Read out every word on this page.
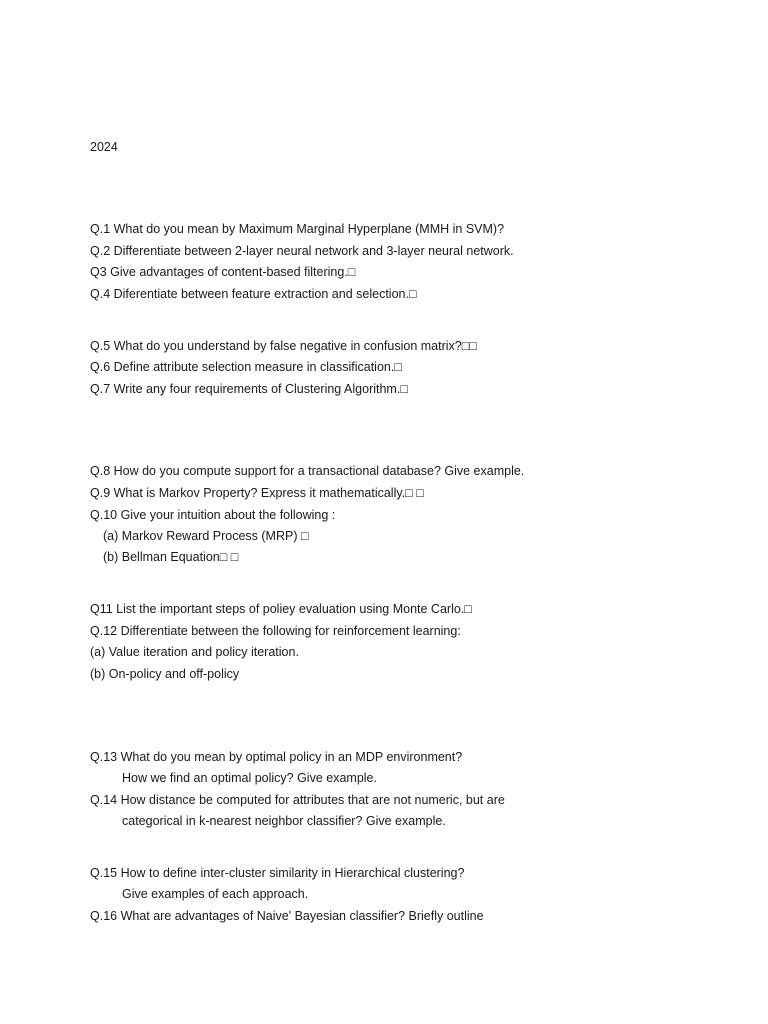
2024
Q.1 What do you mean by Maximum Marginal Hyperplane (MMH in SVM)?
Q.2 Differentiate between 2-layer neural network and 3-layer neural network.
Q3 Give advantages of content-based filtering.□
Q.4 Diferentiate between feature extraction and selection.□
Q.5 What do you understand by false negative in confusion matrix?□□
Q.6 Define attribute selection measure in classification.□
Q.7 Write any four requirements of Clustering Algorithm.□
Q.8 How do you compute support for a transactional database? Give example.
Q.9 What is Markov Property? Express it mathematically.□ □
Q.10 Give your intuition about the following :
(a) Markov Reward Process (MRP) □
(b) Bellman Equation□ □
Q11 List the important steps of poliey evaluation using Monte Carlo.□
Q.12 Differentiate between the following for reinforcement learning:
(a) Value iteration and policy iteration.
(b) On-policy and off-policy
Q.13 What do you mean by optimal policy in an MDP environment?
How we find an optimal policy? Give example.
Q.14 How distance be computed for attributes that are not numeric, but are
categorical in k-nearest neighbor classifier? Give example.
Q.15 How to define inter-cluster similarity in Hierarchical clustering?
Give examples of each approach.
Q.16 What are advantages of Naive' Bayesian classifier? Briefly outline
